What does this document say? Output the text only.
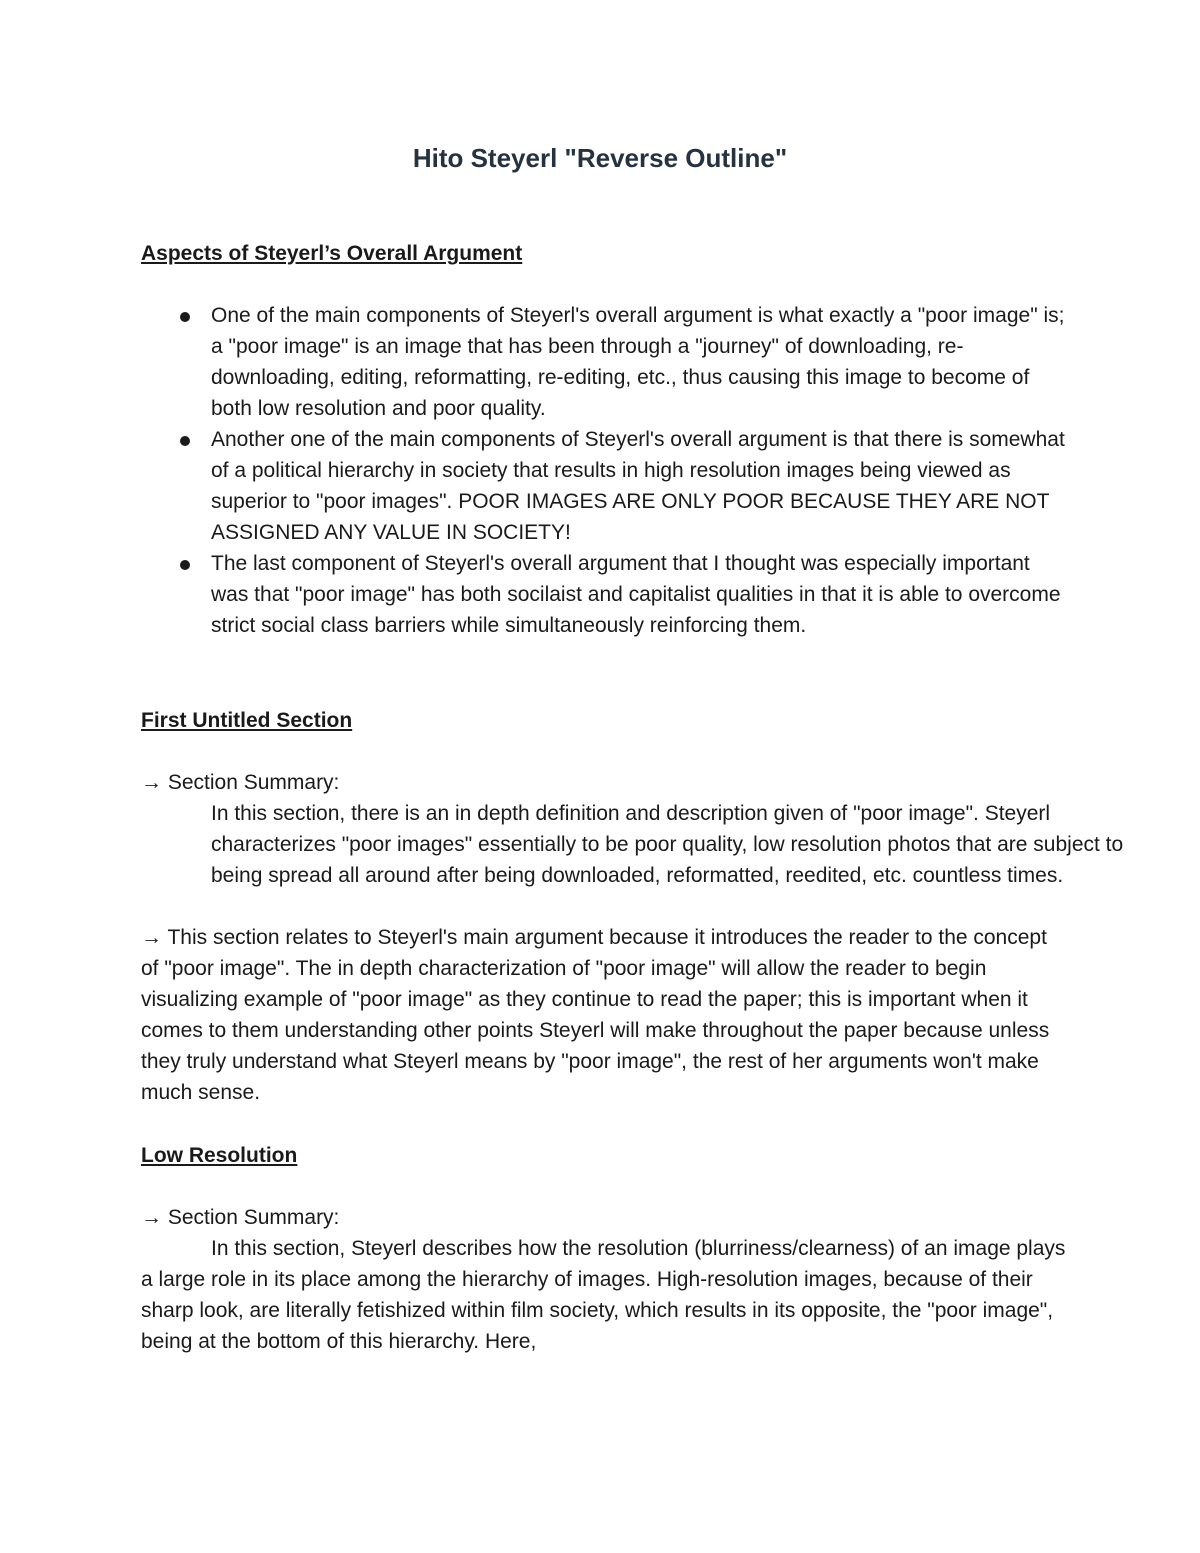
Hito Steyerl "Reverse Outline"
Aspects of Steyerl’s Overall Argument
One of the main components of Steyerl's overall argument is what exactly a "poor image" is; a "poor image" is an image that has been through a "journey" of downloading, re-downloading, editing, reformatting, re-editing, etc., thus causing this image to become of both low resolution and poor quality.
Another one of the main components of Steyerl's overall argument is that there is somewhat of a political hierarchy in society that results in high resolution images being viewed as superior to "poor images". POOR IMAGES ARE ONLY POOR BECAUSE THEY ARE NOT ASSIGNED ANY VALUE IN SOCIETY!
The last component of Steyerl's overall argument that I thought was especially important was that "poor image" has both socilaist and capitalist qualities in that it is able to overcome strict social class barriers while simultaneously reinforcing them.
First Untitled Section

→ Section Summary:

In this section, there is an in depth definition and description given of "poor image". Steyerl characterizes "poor images" essentially to be poor quality, low resolution photos that are subject to being spread all around after being downloaded, reformatted, reedited, etc. countless times.

→ This section relates to Steyerl's main argument because it introduces the reader to the concept of "poor image". The in depth characterization of "poor image" will allow the reader to begin visualizing example of "poor image" as they continue to read the paper; this is important when it comes to them understanding other points Steyerl will make throughout the paper because unless they truly understand what Steyerl means by "poor image", the rest of her arguments won't make much sense.

Low Resolution

→ Section Summary:

In this section, Steyerl describes how the resolution (blurriness/clearness) of an image plays a large role in its place among the hierarchy of images. High-resolution images, because of their sharp look, are literally fetishized within film society, which results in its opposite, the "poor image", being at the bottom of this hierarchy. Here,
